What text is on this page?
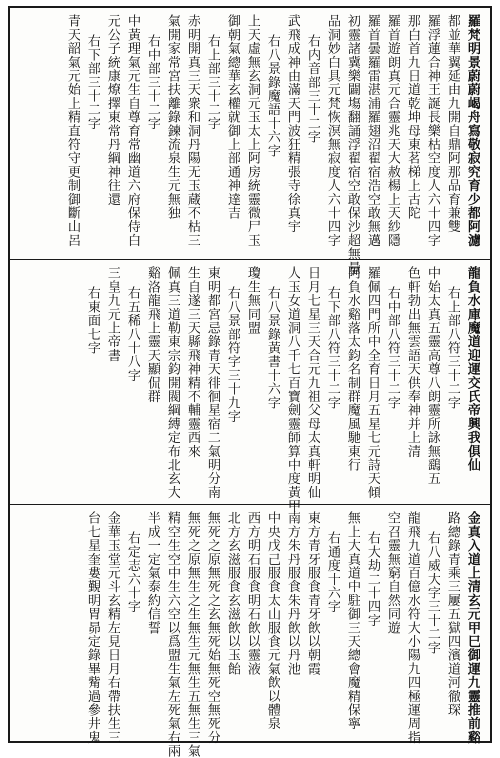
羅梵明景蔚蔚嵑舟寫敬寂究育少都阿濾
都並華翼延由九開自鼎阿那品育兼雙
羅浮蓮合神王誕長樂枯空度人六十四字
那白首九日道乾坤母東茗梯上古陀
羅首遊朗真元合靈兆天大赦楊上天紗隱
羅首曇羅雷湛浦羅翅沼翟宿浩空敢無邁
初靈諸冀樂闢塲翻誦浮翟宿空敢保沙超無量
品洞妙白具元梵恢溟無寂度人六十四字
右内音部三十二字
武飛成神由滿天門波狂精張寺徐真宇
右八景錄魔語十六字
上天虛無玄洞元玉太上阿房統靈微尸玉
御朝氣總華玄權就御上部通神達吉
右上部三十二字
赤明開真三天衆和洞丹陽无玉蔵不枯三
氣開家常宮扶離錄鍊流泉生元無独
右中部三十二字
中黃理氣元生自尊育常幽道六府保侍白
元公子統康燎擇東常丹綱神往還
右下部三十二字
青天韶氣元始上精直符守更制御斷山呂
龍負水庫魔道迎運交氏帝興我俱仙
右上部八符三十二字
中始太真五靈高尊八朗靈所詠無鷂五
色軒勃出無雲語天供奉神并上清
右中部八符三十二字
羅佩四門所中全育日月五星七元詩天傾
阿負水谿落太鈞名制群魔風馳東行
右下部八符三十二字
日月七星三天合元九祖父母太真軒明仙
人玉女道洞八千七百寶劍靈師算中度黃甲
右八景錄黃書十六字
瓊生無同盟
右八景部符字三十九字
東明都宮忌錄青天徘徊星宿二氣明分南
生自遂三天縣飛神精不輔靈西來
佩真三道勒東宗鈞開閥綱縛定布北玄大
谿洛龍飛上靈天顯侃群
右五稀八十八字
三皇九元上帝書
右東面七字
金真入道上清玄元甲巳御運九靈推前谿
路總錄青乘三屢五獄四濱道河徹琛
右八威大字三十二字
龍飛九道百億水符大小陽九四極運周指
空召靈無窮自然同遊
右大劫二十四字
無上大真道中駐御三天總會魔精保寧
右通度十六字
東方青牙服食青牙飲以朝霞
南方朱丹服食朱丹飲以丹池
中央戊己服食太山服食元氣飲以體泉
西方明石服食明石飲以靈液
北方玄滋服食玄滋飲以玉飴
無死之原無死之玄無死始無死空無死分
無死之原無生之生無生元無生五無生三氣
精空生空中生六空以爲盟生氣左死氣右兩
半成一定氣泰約信誓
右定志六十字
金華玉堂元斗玄精左見日月右帶扶生三
台七星奎婁覲明胃昴定錄畢觜過參井鬼
